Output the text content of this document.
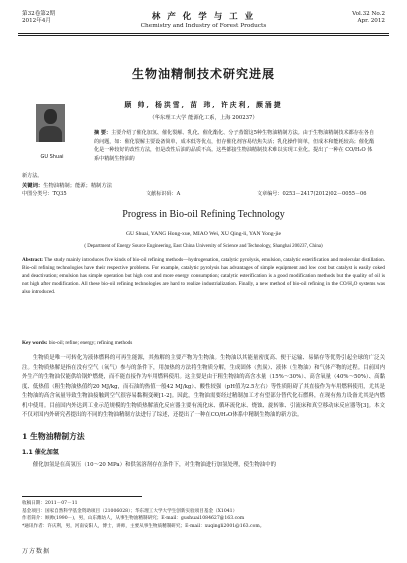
第32卷第2期
2012年4月	林 产 化 学 与 工 业
Chemistry and Industry of Forest Products
Vol.32 No.2
Apr. 2012
生物油精制技术研究进展
顾 帅, 杨洪雪, 苗 玮, 许庆利, 颜涌捷
（华东理工大学 能源化工系，上海 200237）
GU Shuai
摘 要：主要介绍了催化加氢、催化裂解、乳化、催化酯化、分子蒸馏这5种生物油精制方法。由于生物油精制技术都存在各自的问题，如：催化裂解主要设备简单，成本低等优点，但存催化剂容易结焦失活；乳化操作简单，但成本和能耗较高；催化酯化是一种较好的改性方法，但是改性后油的品质不高。这些都接生物油精制技术难以实现工业化。提出了一种在 CO/H₂O 体系中精制生物油的
新方法。
关键词：生物油精制；能源；精制方法
中图分类号：TQ35	文献标识码：A	文章编号：0253－2417(2012)02－0055－06
Progress in Bio-oil Refining Technology
GU Shuai, YANG Hong-xue, MIAO Wei, XU Qing-li, YAN Yong-jie
( Department of Energy Source Engineering, East China University of Science and Technology, Shanghai 200237, China)
Abstract: The study mainly introduces five kinds of bio-oil refining methods—hydrogenation, catalytic pyrolysis, emulsion, catalytic esterification and molecular distillation. Bio-oil refining technologies have their respective problems. For example, catalytic pyrolysis has advantages of simple equipment and low cost but catalyst is easily coked and deactivation; emulsion has simple operation but high cost and more energy consumption; catalytic esterification is a good modification methods but the quality of oil is not high after modification. All these bio-oil refining technologies are hard to realize industrialization. Finally, a new method of bio-oil refining in the CO/H₂O systems was also introduced.
Key words: bio-oil; refine; energy; refining methods
生物质是唯一可转化为液体燃料的可再生能源，其热解的主要产物为生物油。生物油以其能量密度高、便于运输、易储存等优势引起全球的广泛关注。生物质热解是指在没有空气（氧气）参与的条件下，用加热的方法将生物质分解，生成固体（焦炭）、液体（生物油）和气体产物的过程。目前国内外生产的生物油仅能供给锅炉燃烧，而不能直接作为车用燃料使用。这主要是由于粗生物油的高含水量（15%～30%）、高含氧量（40%～50%）、高黏度、低热值（粗生物油热值约20 MJ/kg，而石油的热值一般42 MJ/kg）、酸性较强（pH值为2.5左右）等性质阻碍了其直接作为车用燃料使用，尤其是生物油的高含氧量导致生物油接触到空气很容易黏稠变硬[1-2]。因此，生物油需要经过精制加工才有望部分替代化石燃料，在现有热力设备尤其是内燃机中使用。目前国内外达到工业示范规模的生物质热解液化反应器主要有流化床、循环流化床、烧蚀、旋转锥、引流床和真空移动床反应器等[3]。本文不仅对国内外研究者提出的不同的生物油精制方法进行了综述，还提出了一种在CO/H₂O体系中精制生物油的新方法。
1 生物油精制方法
1.1 催化加氢
催化加氢是在高氢压（10～20 MPa）和供氢溶剂存在条件下，对生物油进行加氢处理，使生物油中的
收稿日期：2011－07－11
基金项目：国家自然科学基金资助项目（21006028）；华东理工大学大学生创新实验项目基金（X1041）
作者简介：顾帅(1990－)，男，山东潍坊人，从事生物油精制研究；E-mail：gushuai1084627@163.com
*通讯作者：许庆利，男，河南安阳人，博士，讲师，主要从事生物质精制研究；E-mail：xuqingli2001@163.com。
万方数据
